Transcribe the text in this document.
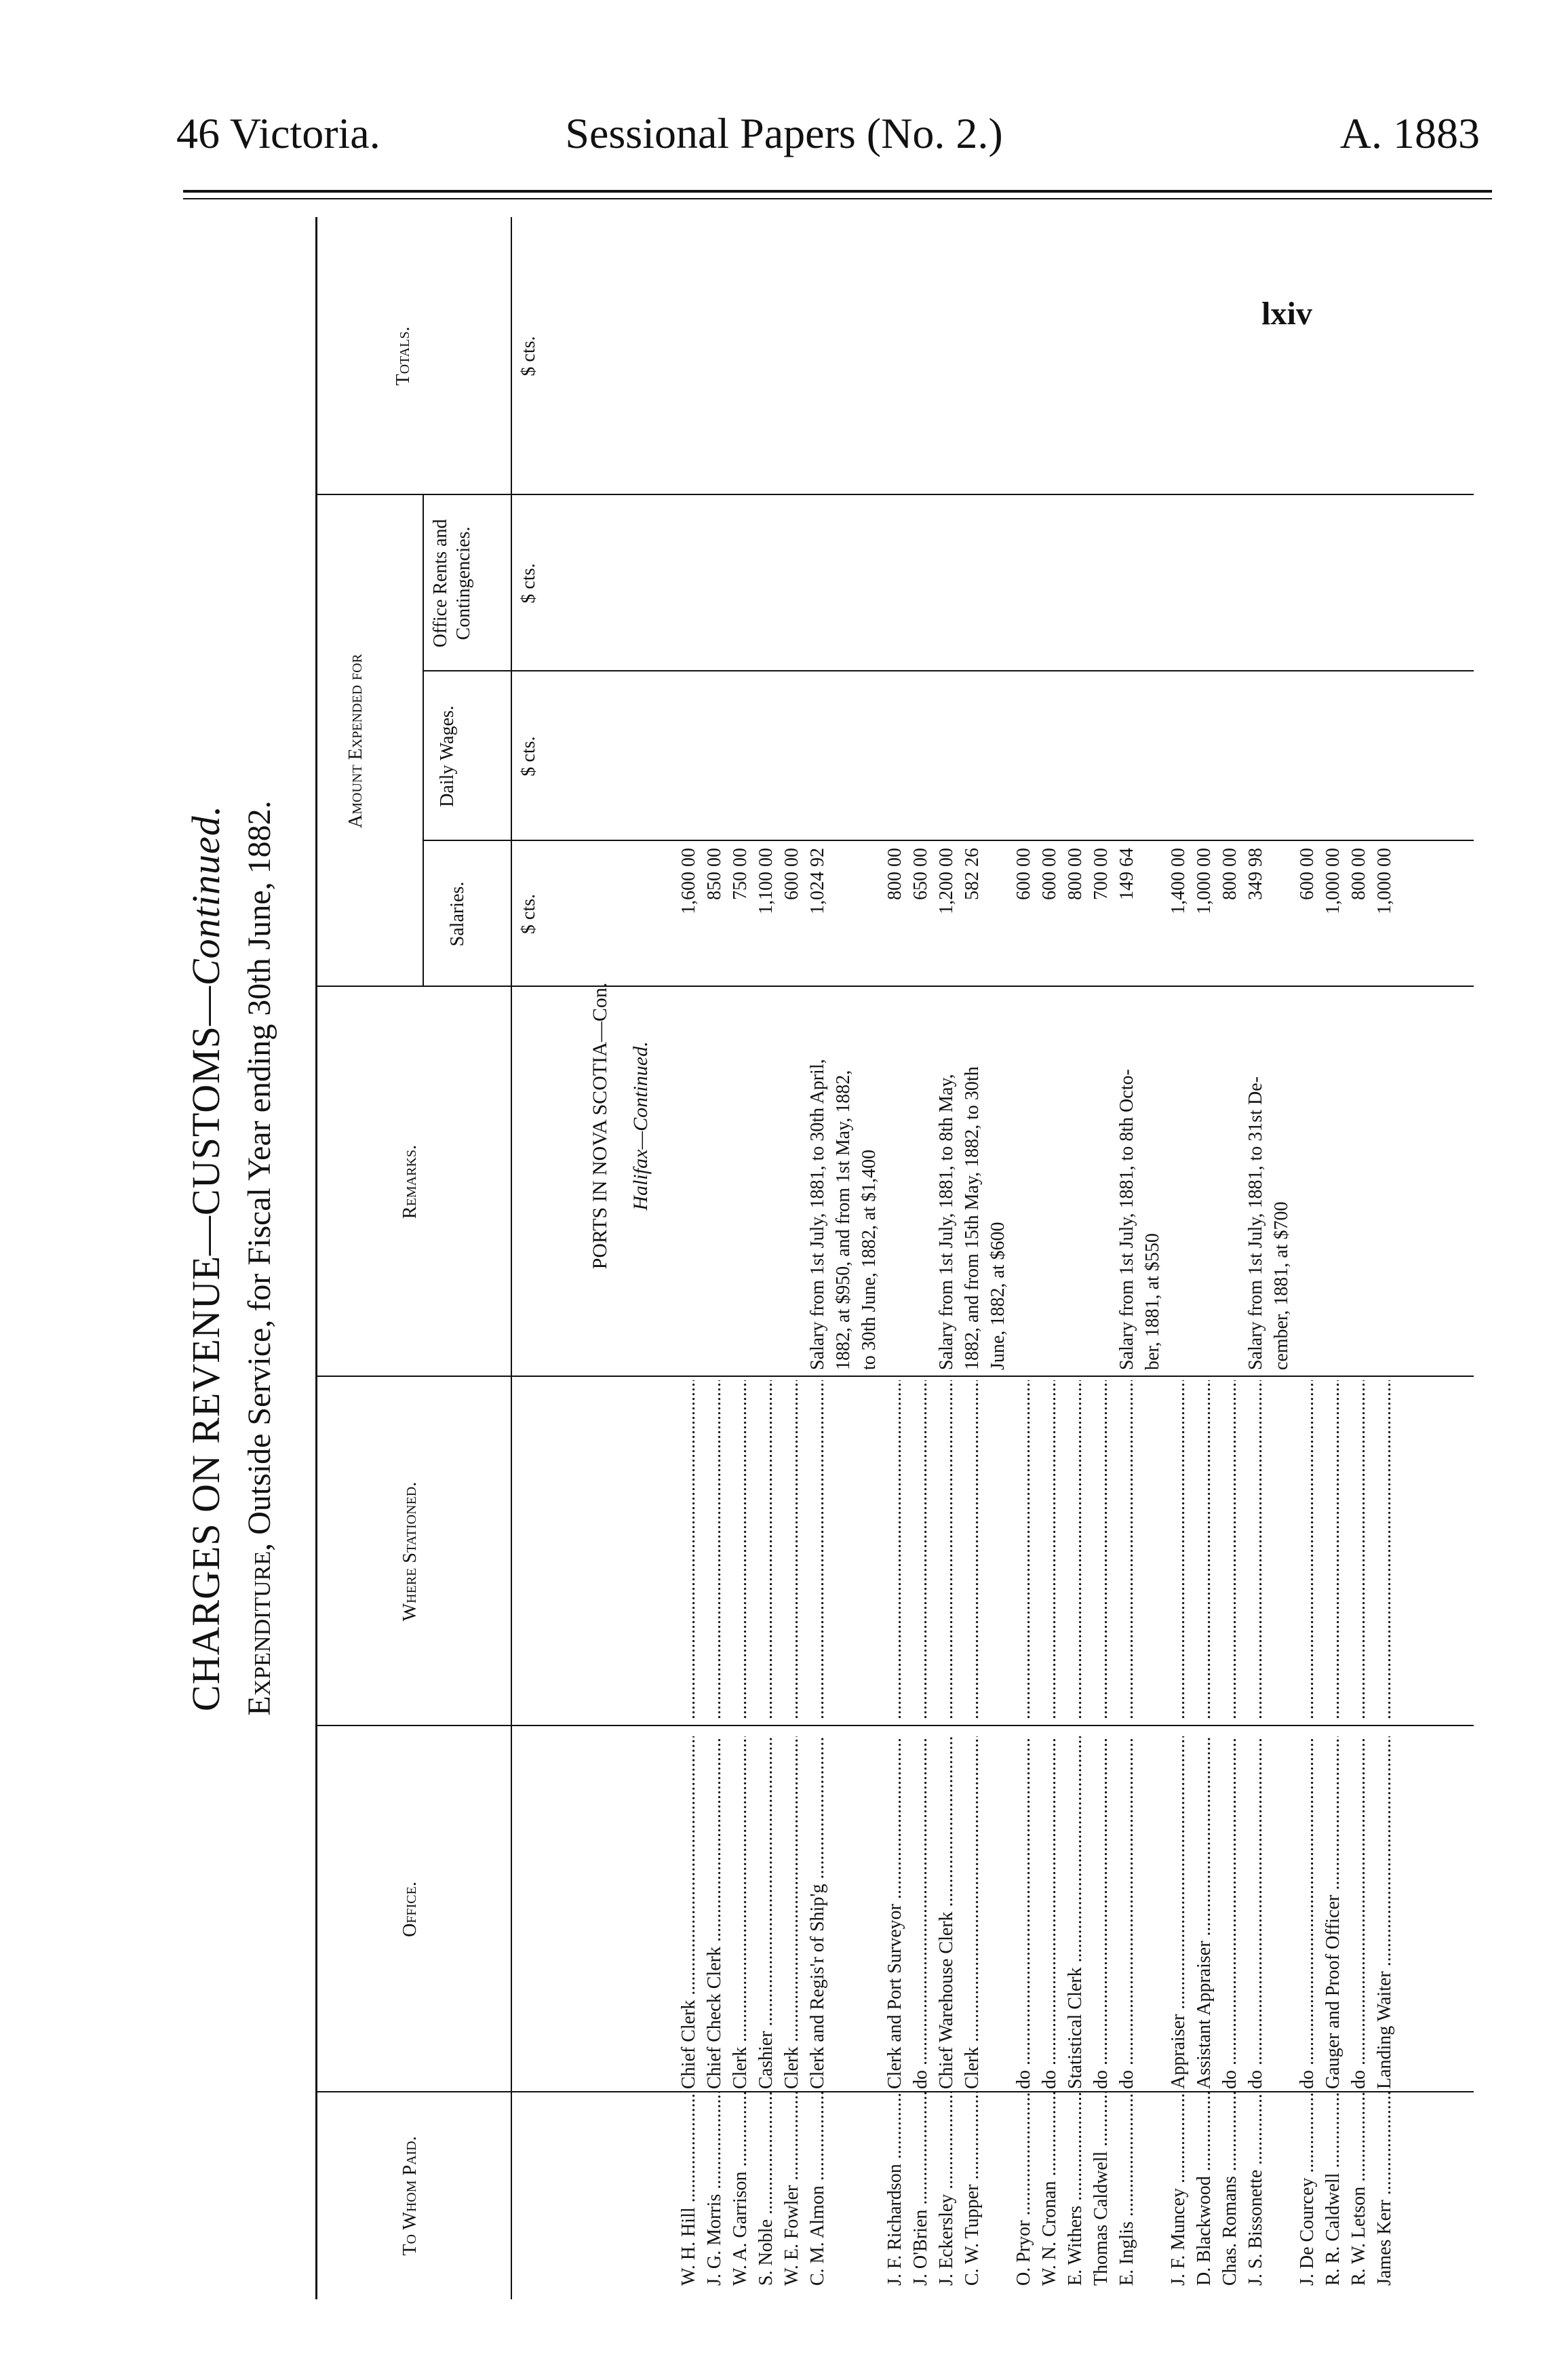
46 Victoria.	Sessional Papers (No. 2.)	A. 1883
CHARGES ON REVENUE—CUSTOMS—Continued.
Expenditure, Outside Service, for Fiscal Year ending 30th June, 1882.
To Whom Paid.
Office.
Where Stationed.
Remarks.
Amount Expended for
Salaries.
Daily Wages.
Office Rents and Contingencies.
Totals.
$ cts.
$ cts.
$ cts.
$ cts.
PORTS IN NOVA SCOTIA—Con. Halifax—Continued.
W. H. Hill .....
Chief Clerk .....
.....
1,600 00
J. G. Morris .....
Chief Check Clerk .....
.....
850 00
W. A. Garrison .....
Clerk .....
.....
750 00
S. Noble .....
Cashier .....
.....
1,100 00
W. E. Fowler .....
Clerk .....
.....
600 00
C. M. Almon .....
Clerk and Regis'r of Ship'g .....
.....
Salary from 1st July, 1881, to 30th April,
1,024 92
1882, at $950, and from 1st May, 1882, to 30th June, 1882, at $1,400
J. F. Richardson .....
Clerk and Port Surveyor .....
.....
800 00
J. O'Brien .....
do .....
.....
650 00
J. Eckersley .....
Chief Warehouse Clerk .....
.....
Salary from 1st July, 1881, to 8th May,
1,200 00
C. W. Tupper .....
Clerk .....
.....
1882, and from 15th May, 1882, to 30th
582 26
June, 1882, at $600
O. Pryor .....
do .....
.....
600 00
W. N. Cronan .....
do .....
.....
600 00
E. Withers .....
Statistical Clerk .....
.....
800 00
Thomas Caldwell .....
do .....
.....
700 00
E. Inglis .....
do .....
.....
Salary from 1st July, 1881, to 8th Octo-
149 64
ber, 1881, at $550
J. F. Muncey .....
Appraiser .....
.....
1,400 00
D. Blackwood .....
Assistant Appraiser .....
.....
1,000 00
Chas. Romans .....
do .....
.....
800 00
J. S. Bissonette .....
do .....
.....
Salary from 1st July, 1881, to 31st De-
349 98
cember, 1881, at $700
J. De Courcey .....
do .....
.....
600 00
R. R. Caldwell .....
Gauger and Proof Officer .....
.....
1,000 00
R. W. Letson .....
do .....
.....
800 00
James Kerr .....
Landing Waiter .....
.....
1,000 00
lxiv
